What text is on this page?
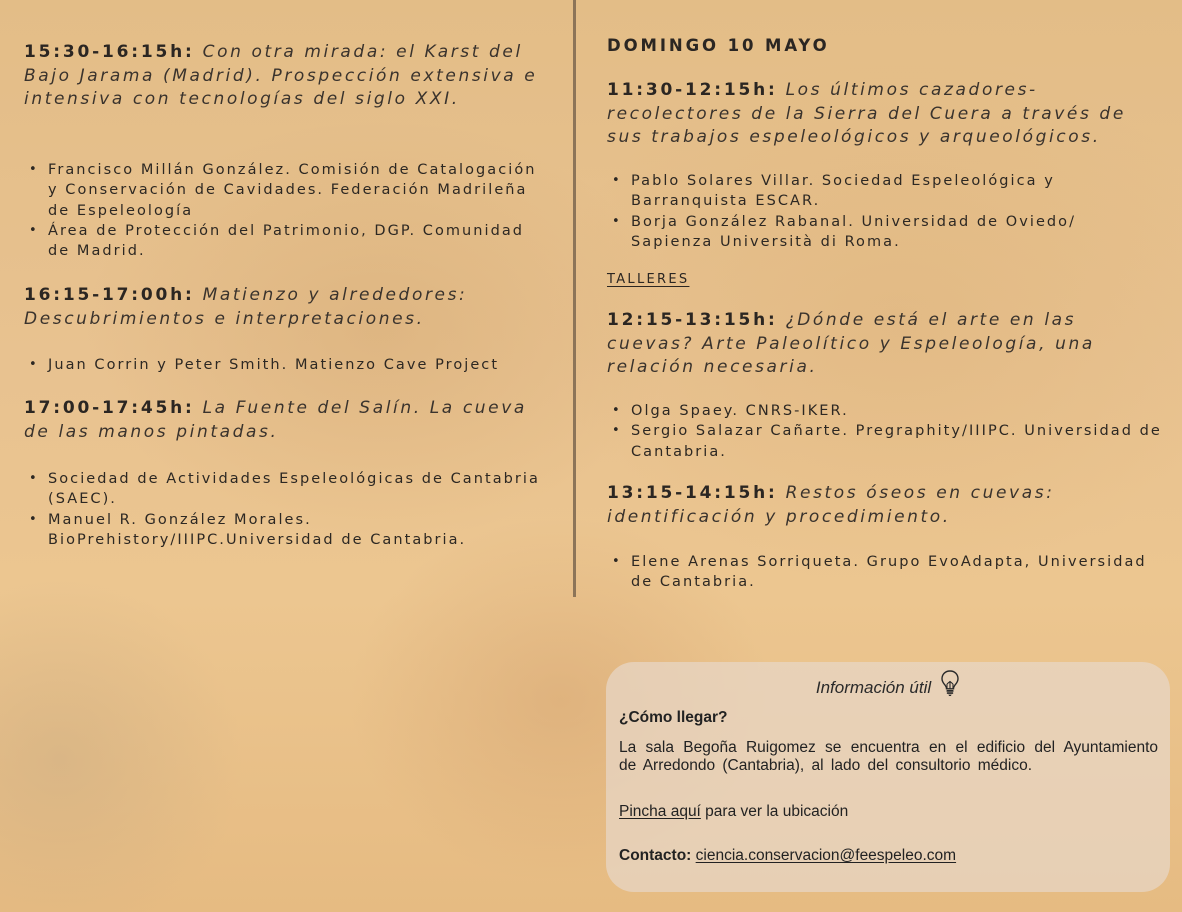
15:30-16:15h: Con otra mirada: el Karst del Bajo Jarama (Madrid). Prospección extensiva e intensiva con tecnologías del siglo XXI.

• Francisco Millán González. Comisión de Catalogación y Conservación de Cavidades. Federación Madrileña de Espeleología
• Área de Protección del Patrimonio, DGP. Comunidad de Madrid.

16:15-17:00h: Matienzo y alrededores: Descubrimientos e interpretaciones.

• Juan Corrin y Peter Smith. Matienzo Cave Project

17:00-17:45h: La Fuente del Salín. La cueva de las manos pintadas.

• Sociedad de Actividades Espeleológicas de Cantabria (SAEC).
• Manuel R. González Morales. BioPrehistory/IIIPC.Universidad de Cantabria.

DOMINGO 10 MAYO

11:30-12:15h: Los últimos cazadores-recolectores de la Sierra del Cuera a través de sus trabajos espeleológicos y arqueológicos.

• Pablo Solares Villar. Sociedad Espeleológica y Barranquista ESCAR.
• Borja González Rabanal. Universidad de Oviedo/ Sapienza Università di Roma.

TALLERES

12:15-13:15h: ¿Dónde está el arte en las cuevas? Arte Paleolítico y Espeleología, una relación necesaria.

• Olga Spaey. CNRS-IKER.
• Sergio Salazar Cañarte. Pregraphity/IIIPC. Universidad de Cantabria.

13:15-14:15h: Restos óseos en cuevas: identificación y procedimiento.

• Elene Arenas Sorriqueta. Grupo EvoAdapta, Universidad de Cantabria.
Información útil

¿Cómo llegar?

La sala Begoña Ruigomez se encuentra en el edificio del Ayuntamiento de Arredondo (Cantabria), al lado del consultorio médico.

Pincha aquí para ver la ubicación

Contacto: ciencia.conservacion@feespeleo.com
